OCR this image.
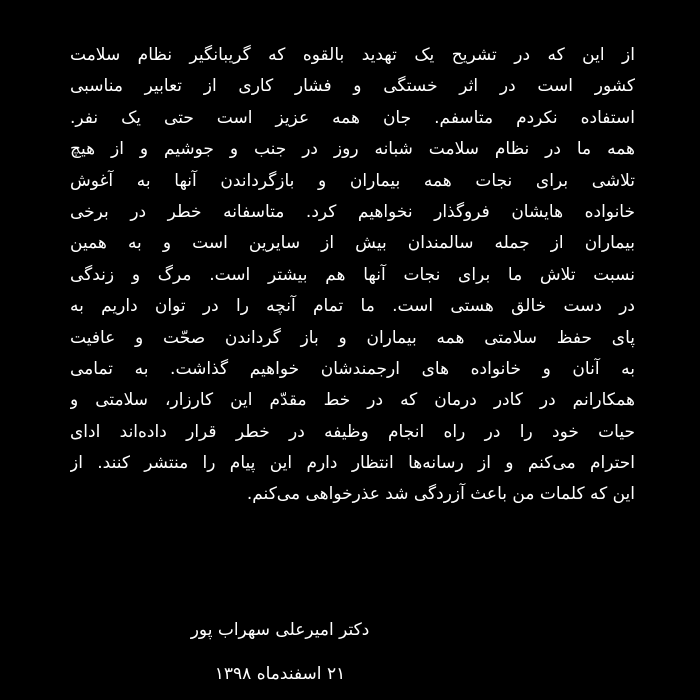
از این که در تشریح یک تهدید بالقوه که گریبانگیر نظام سلامت
کشور است در اثر خستگی و فشار کاری از تعابیر مناسبی
استفاده نکردم متاسفم. جان همه عزیز است حتی یک نفر.
همه ما در نظام سلامت شبانه روز در جنب و جوشیم و از هیچ
تلاشی برای نجات همه بیماران و بازگرداندن آنها به آغوش
خانواده هایشان فروگذار نخواهیم کرد. متاسفانه خطر در برخی
بیماران از جمله سالمندان بیش از سایرین است و به همین
نسبت تلاش ما برای نجات آنها هم بیشتر است. مرگ و زندگی
در دست خالق هستی است. ما تمام آنچه را در توان داریم به
پای حفظ سلامتی همه بیماران و باز گرداندن صحّت و عافیت
به آنان و خانواده های ارجمندشان خواهیم گذاشت. به تمامی
همکارانم در کادر درمان که در خط مقدّم این کارزار، سلامتی و
حیات خود را در راه انجام وظیفه در خطر قرار داده‌اند ادای
احترام می‌کنم و از رسانه‌ها انتظار دارم این پیام را منتشر کنند. از
این که کلمات من باعث آزردگی شد عذرخواهی می‌کنم.
دکتر امیرعلی سهراب پور
۲۱ اسفندماه ۱۳۹۸
